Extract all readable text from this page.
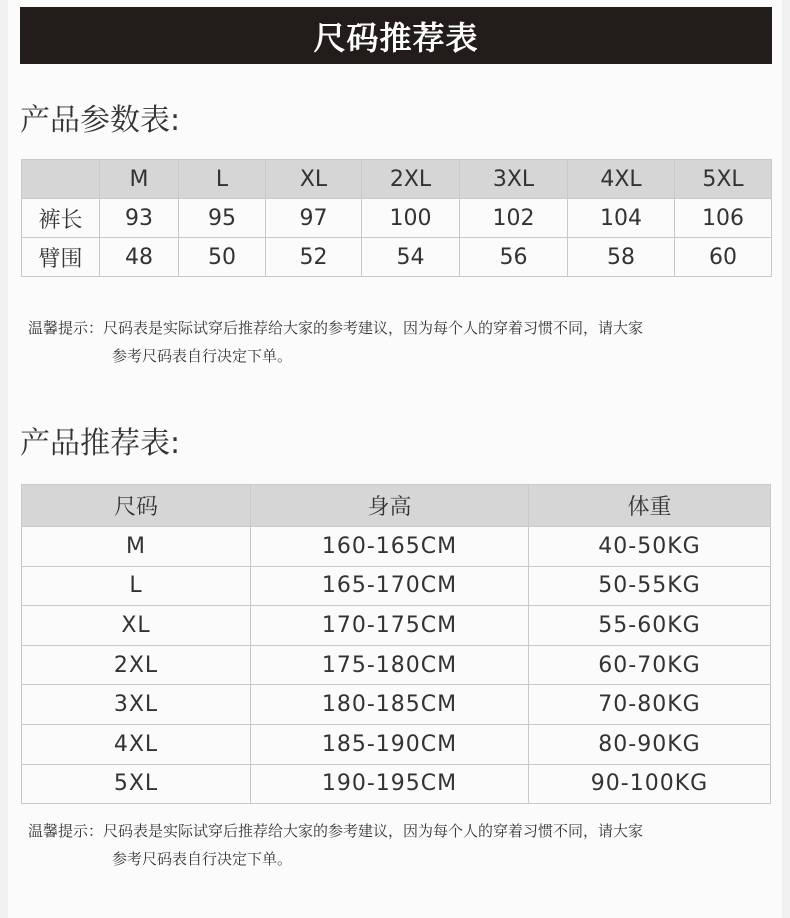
尺码推荐表
产品参数表:
	M	L	XL	2XL	3XL	4XL	5XL
裤长	93	95	97	100	102	104	106
臂围	48	50	52	54	56	58	60
温馨提示：尺码表是实际试穿后推荐给大家的参考建议，因为每个人的穿着习惯不同，请大家
参考尺码表自行决定下单。
产品推荐表:
尺码	身高	体重
M	160-165CM	40-50KG
L	165-170CM	50-55KG
XL	170-175CM	55-60KG
2XL	175-180CM	60-70KG
3XL	180-185CM	70-80KG
4XL	185-190CM	80-90KG
5XL	190-195CM	90-100KG
温馨提示：尺码表是实际试穿后推荐给大家的参考建议，因为每个人的穿着习惯不同，请大家
参考尺码表自行决定下单。
